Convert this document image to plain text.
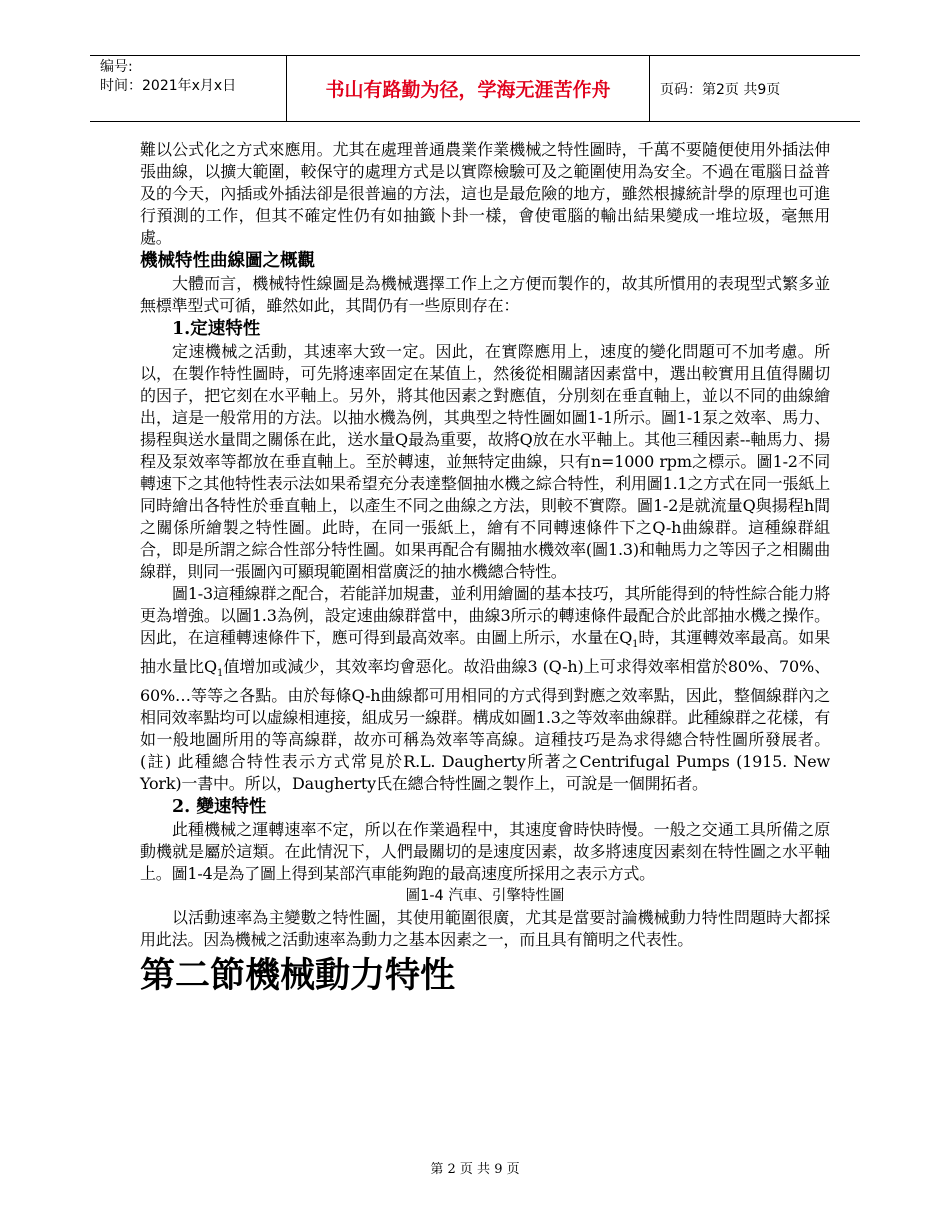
编号:
时间：2021年x月x日	书山有路勤为径，学海无涯苦作舟	页码：第2页 共9页

難以公式化之方式來應用。尤其在處理普通農業作業機械之特性圖時，千萬不要隨便使用外插法伸張曲線，以擴大範圍，較保守的處理方式是以實際檢驗可及之範圍使用為安全。不過在電腦日益普及的今天，內插或外插法卻是很普遍的方法，這也是最危險的地方，雖然根據統計學的原理也可進行預測的工作，但其不確定性仍有如抽籤卜卦一樣，會使電腦的輸出結果變成一堆垃圾，毫無用處。

機械特性曲線圖之概觀

大體而言，機械特性線圖是為機械選擇工作上之方便而製作的，故其所慣用的表現型式繁多並無標準型式可循，雖然如此，其間仍有一些原則存在：

1.定速特性

定速機械之活動，其速率大致一定。因此，在實際應用上，速度的變化問題可不加考慮。所以，在製作特性圖時，可先將速率固定在某值上，然後從相關諸因素當中，選出較實用且值得關切的因子，把它刻在水平軸上。另外，將其他因素之對應值，分別刻在垂直軸上，並以不同的曲線繪出，這是一般常用的方法。以抽水機為例，其典型之特性圖如圖1-1所示。圖1-1泵之效率、馬力、揚程與送水量間之關係在此，送水量Q最為重要，故將Q放在水平軸上。其他三種因素--軸馬力、揚程及泵效率等都放在垂直軸上。至於轉速，並無特定曲線，只有n=1000 rpm之標示。圖1-2不同轉速下之其他特性表示法如果希望充分表達整個抽水機之綜合特性，利用圖1.1之方式在同一張紙上同時繪出各特性於垂直軸上，以產生不同之曲線之方法，則較不實際。圖1-2是就流量Q與揚程h間之關係所繪製之特性圖。此時，在同一張紙上，繪有不同轉速條件下之Q-h曲線群。這種線群組合，即是所謂之綜合性部分特性圖。如果再配合有關抽水機效率(圖1.3)和軸馬力之等因子之相關曲線群，則同一張圖內可顯現範圍相當廣泛的抽水機總合特性。

圖1-3這種線群之配合，若能詳加規畫，並利用繪圖的基本技巧，其所能得到的特性綜合能力將更為增強。以圖1.3為例，設定速曲線群當中，曲線3所示的轉速條件最配合於此部抽水機之操作。因此，在這種轉速條件下，應可得到最高效率。由圖上所示，水量在$Q_1$時，其運轉效率最高。如果抽水量比$Q_1$值增加或減少，其效率均會惡化。故沿曲線3 (Q-h)上可求得效率相當於80%、70%、60%…等等之各點。由於每條Q-h曲線都可用相同的方式得到對應之效率點，因此，整個線群內之相同效率點均可以虛線相連接，組成另一線群。構成如圖1.3之等效率曲線群。此種線群之花樣，有如一般地圖所用的等高線群，故亦可稱為效率等高線。這種技巧是為求得總合特性圖所發展者。(註) 此種總合特性表示方式常見於R.L. Daugherty所著之Centrifugal Pumps (1915. New York)一書中。所以，Daugherty氏在總合特性圖之製作上，可說是一個開拓者。

2. 變速特性

此種機械之運轉速率不定，所以在作業過程中，其速度會時快時慢。一般之交通工具所備之原動機就是屬於這類。在此情況下，人們最關切的是速度因素，故多將速度因素刻在特性圖之水平軸上。圖1-4是為了圖上得到某部汽車能夠跑的最高速度所採用之表示方式。

圖1-4 汽車、引擎特性圖

以活動速率為主變數之特性圖，其使用範圍很廣，尤其是當要討論機械動力特性問題時大都採用此法。因為機械之活動速率為動力之基本因素之一，而且具有簡明之代表性。

第二節機械動力特性

第 2 页 共 9 页
